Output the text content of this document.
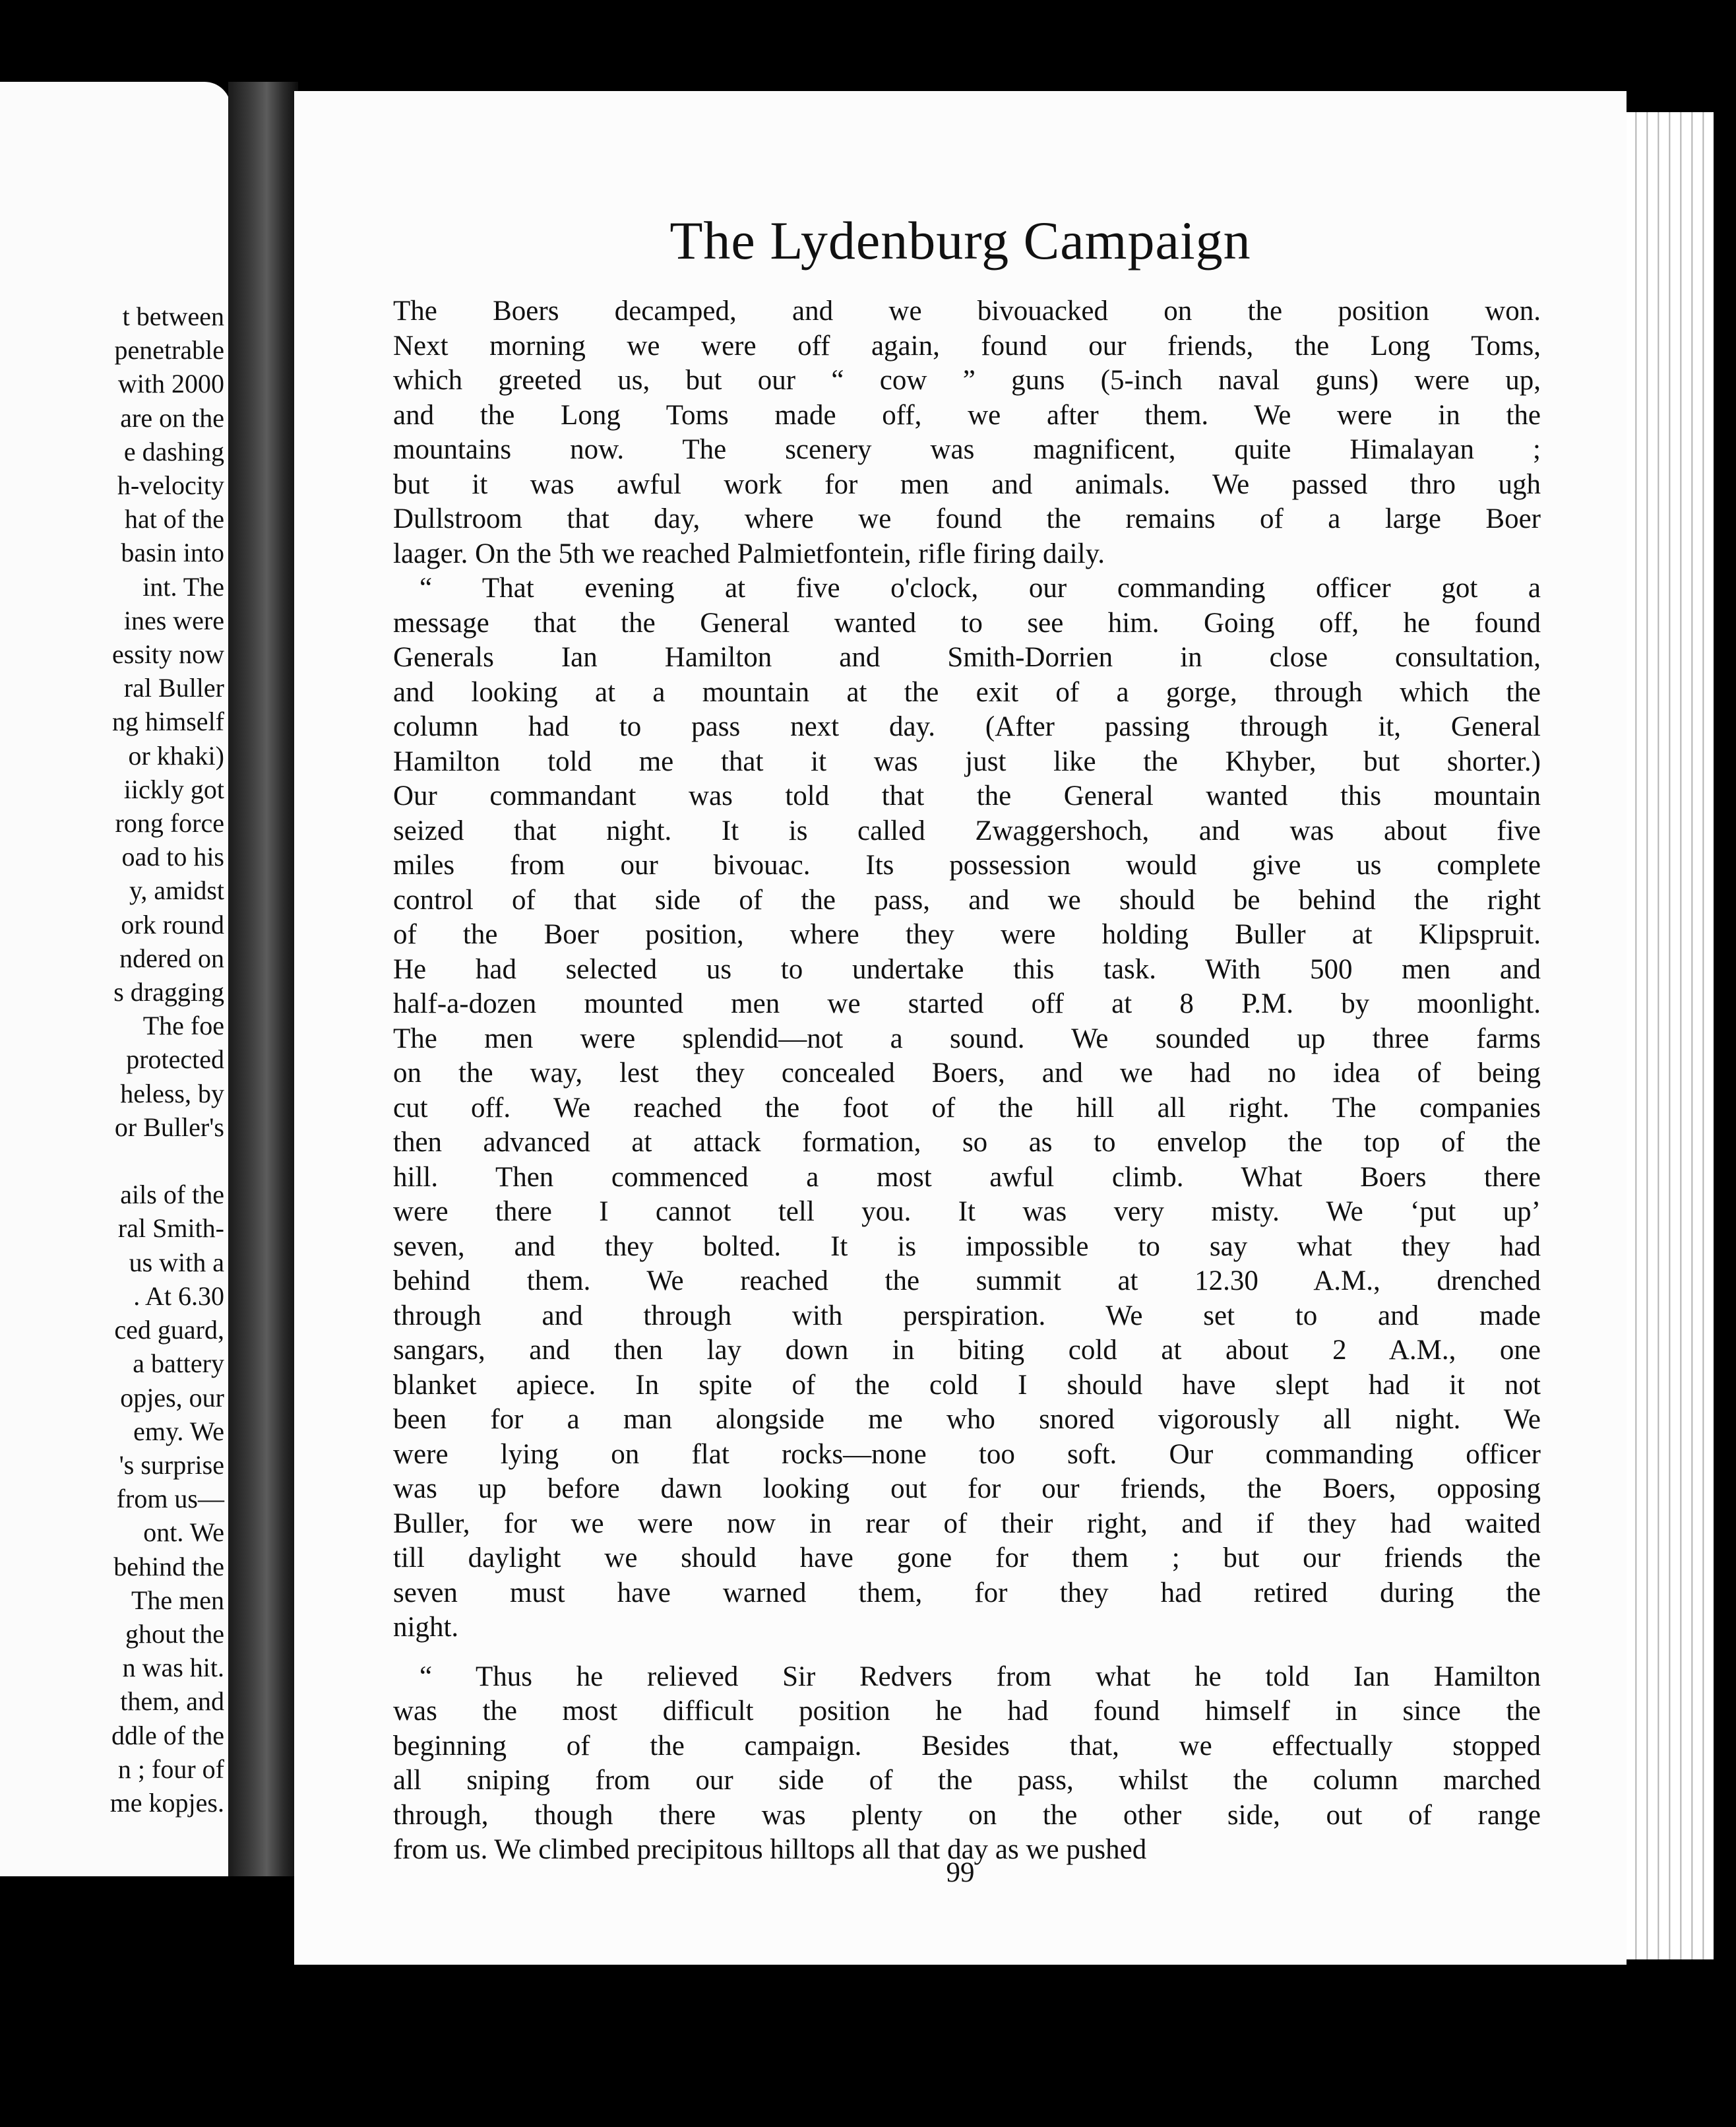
t between
penetrable
with 2000
are on the
e dashing
h-velocity
hat of the
basin into
int. The
ines were
essity now
ral Buller
ng himself
or khaki)
iickly got
rong force
oad to his
y, amidst
ork round
ndered on
s dragging
The foe
protected
heless, by
or Buller's

ails of the
ral Smith-
us with a
. At 6.30
ced guard,
a battery
opjes, our
emy. We
's surprise
from us—
ont. We
behind the
The men
ghout the
n was hit.
them, and
ddle of the
n ; four of
me kopjes.
The Lydenburg Campaign
The Boers decamped, and we bivouacked on the position won.
Next morning we were off again, found our friends, the Long Toms,
which greeted us, but our “ cow ” guns (5-inch naval guns) were up,
and the Long Toms made off, we after them. We were in the
mountains now. The scenery was magnificent, quite Himalayan ;
but it was awful work for men and animals. We passed thro ugh
Dullstroom that day, where we found the remains of a large Boer
laager. On the 5th we reached Palmietfontein, rifle firing daily.
“ That evening at five o'clock, our commanding officer got a
message that the General wanted to see him. Going off, he found
Generals Ian Hamilton and Smith-Dorrien in close consultation,
and looking at a mountain at the exit of a gorge, through which the
column had to pass next day. (After passing through it, General
Hamilton told me that it was just like the Khyber, but shorter.)
Our commandant was told that the General wanted this mountain
seized that night. It is called Zwaggershoch, and was about five
miles from our bivouac. Its possession would give us complete
control of that side of the pass, and we should be behind the right
of the Boer position, where they were holding Buller at Klipspruit.
He had selected us to undertake this task. With 500 men and
half-a-dozen mounted men we started off at 8 P.M. by moonlight.
The men were splendid—not a sound. We sounded up three farms
on the way, lest they concealed Boers, and we had no idea of being
cut off. We reached the foot of the hill all right. The companies
then advanced at attack formation, so as to envelop the top of the
hill. Then commenced a most awful climb. What Boers there
were there I cannot tell you. It was very misty. We ‘put up’
seven, and they bolted. It is impossible to say what they had
behind them. We reached the summit at 12.30 A.M., drenched
through and through with perspiration. We set to and made
sangars, and then lay down in biting cold at about 2 A.M., one
blanket apiece. In spite of the cold I should have slept had it not
been for a man alongside me who snored vigorously all night. We
were lying on flat rocks—none too soft. Our commanding officer
was up before dawn looking out for our friends, the Boers, opposing
Buller, for we were now in rear of their right, and if they had waited
till daylight we should have gone for them ; but our friends the
seven must have warned them, for they had retired during the
night.
“ Thus he relieved Sir Redvers from what he told Ian Hamilton
was the most difficult position he had found himself in since the
beginning of the campaign. Besides that, we effectually stopped
all sniping from our side of the pass, whilst the column marched
through, though there was plenty on the other side, out of range
from us. We climbed precipitous hilltops all that day as we pushed
99
